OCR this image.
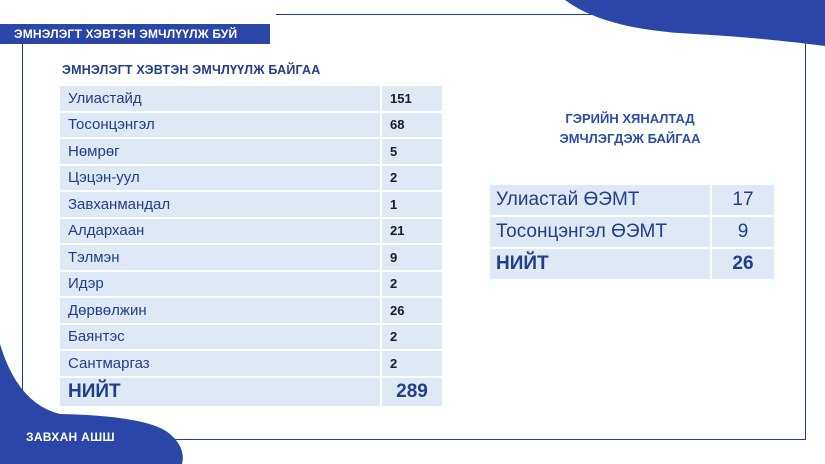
ЭМНЭЛЭГТ ХЭВТЭН ЭМЧЛҮҮЛЖ БУЙ
ЗАВХАН АШШ
ЭМНЭЛЭГТ ХЭВТЭН ЭМЧЛҮҮЛЖ БАЙГАА
Улиастайд	151
Тосонцэнгэл	68
Нөмрөг	5
Цэцэн-уул	2
Завханмандал	1
Алдархаан	21
Тэлмэн	9
Идэр	2
Дөрвөлжин	26
Баянтэс	2
Сантмаргаз	2
НИЙТ	289
ГЭРИЙН ХЯНАЛТАД
ЭМЧЛЭГДЭЖ БАЙГАА
Улиастай ӨЭМТ	17
Тосонцэнгэл ӨЭМТ	9
НИЙТ	26
